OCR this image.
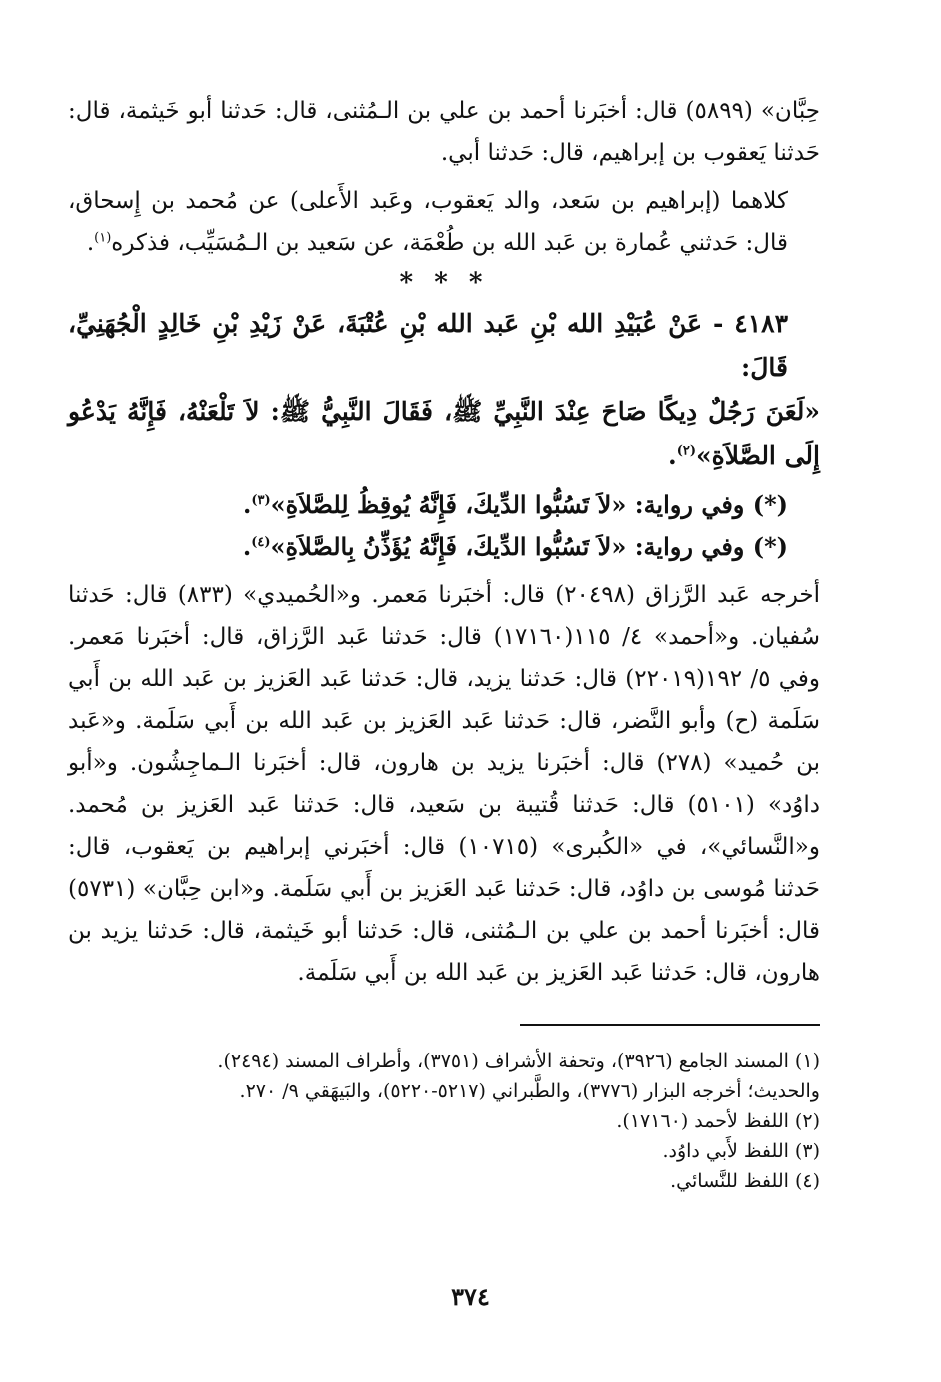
حِبَّان» (٥٨٩٩) قال: أخبَرنا أحمد بن علي بن الـمُثنى، قال: حَدثنا أبو خَيثمة، قال: حَدثنا يَعقوب بن إبراهيم، قال: حَدثنا أبي.

كلاهما (إبراهيم بن سَعد، والد يَعقوب، وعَبد الأَعلى) عن مُحمد بن إِسحاق، قال: حَدثني عُمارة بن عَبد الله بن طُعْمَة، عن سَعيد بن الـمُسَيِّب، فذكره$^{(١)}$.

* * *

٤١٨٣ - عَنْ عُبَيْدِ الله بْنِ عَبد الله بْنِ عُتْبَةَ، عَنْ زَيْدِ بْنِ خَالِدٍ الْجُهَنِيِّ، قَالَ:

«لَعَنَ رَجُلٌ دِيكًا صَاحَ عِنْدَ النَّبِيِّ ﷺ، فَقَالَ النَّبِيُّ ﷺ: لاَ تَلْعَنْهُ، فَإِنَّهُ يَدْعُو إِلَى الصَّلاَةِ»$^{(٢)}$.

(*) وفي رواية: «لاَ تَسُبُّوا الدِّيكَ، فَإِنَّهُ يُوقِظُ لِلصَّلاَةِ»$^{(٣)}$.

(*) وفي رواية: «لاَ تَسُبُّوا الدِّيكَ، فَإِنَّهُ يُؤَذِّنُ بِالصَّلاَةِ»$^{(٤)}$.

أخرجه عَبد الرَّزاق (٢٠٤٩٨) قال: أخبَرنا مَعمر. و«الحُميدي» (٨٣٣) قال: حَدثنا سُفيان. و«أحمد» ٤/ ١١٥(١٧١٦٠) قال: حَدثنا عَبد الرَّزاق، قال: أخبَرنا مَعمر. وفي ٥/ ١٩٢(٢٢٠١٩) قال: حَدثنا يزيد، قال: حَدثنا عَبد العَزيز بن عَبد الله بن أَبي سَلَمة (ح) وأبو النَّضر، قال: حَدثنا عَبد العَزيز بن عَبد الله بن أَبي سَلَمة. و«عَبد بن حُميد» (٢٧٨) قال: أخبَرنا يزيد بن هارون، قال: أخبَرنا الـماجِشُون. و«أبو داوُد» (٥١٠١) قال: حَدثنا قُتيبة بن سَعيد، قال: حَدثنا عَبد العَزيز بن مُحمد. و«النَّسائي»، في «الكُبرى» (١٠٧١٥) قال: أخبَرني إبراهيم بن يَعقوب، قال: حَدثنا مُوسى بن داوُد، قال: حَدثنا عَبد العَزيز بن أَبي سَلَمة. و«ابن حِبَّان» (٥٧٣١) قال: أخبَرنا أحمد بن علي بن الـمُثنى، قال: حَدثنا أبو خَيثمة، قال: حَدثنا يزيد بن هارون، قال: حَدثنا عَبد العَزيز بن عَبد الله بن أَبي سَلَمة.

(١) المسند الجامع (٣٩٢٦)، وتحفة الأشراف (٣٧٥١)، وأطراف المسند (٢٤٩٤).

والحديث؛ أخرجه البزار (٣٧٧٦)، والطَّبراني (٥٢١٧-٥٢٢٠)، والبَيهَقي ٩/ ٢٧٠.

(٢) اللفظ لأحمد (١٧١٦٠).

(٣) اللفظ لأَبي داوُد.

(٤) اللفظ للنَّسائي.

٣٧٤
